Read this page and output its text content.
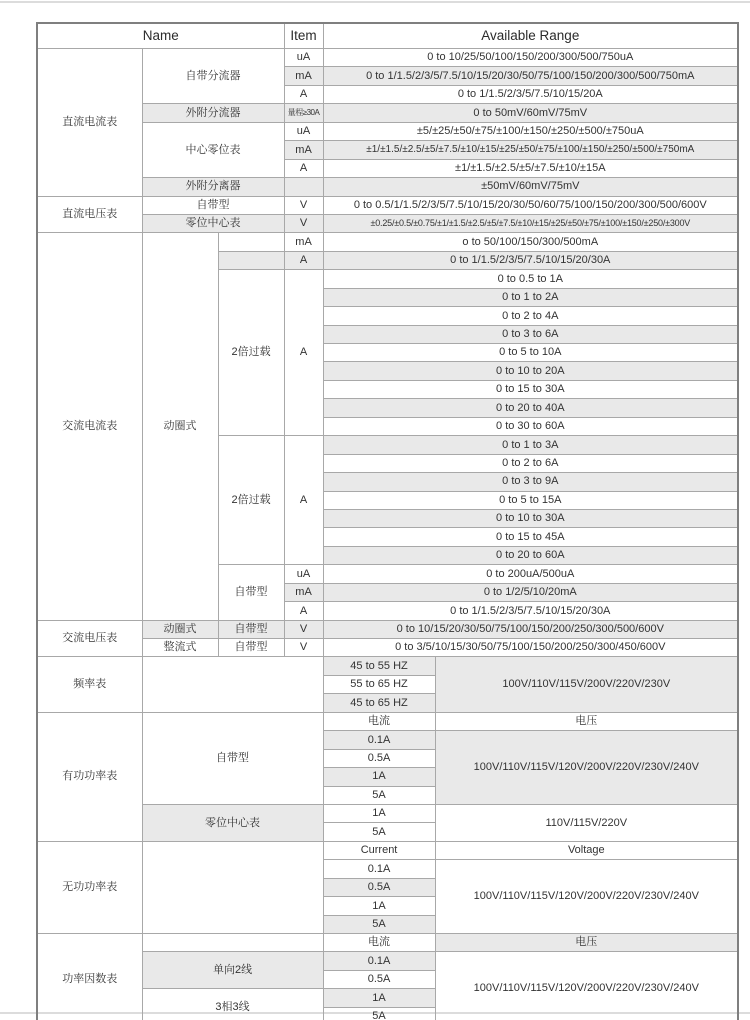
Name			Item	Available Range	
直流电流表	自带分流器		uA	0 to 10/25/50/100/150/200/300/500/750uA	
			mA	0 to 1/1.5/2/3/5/7.5/10/15/20/30/50/75/100/150/200/300/500/750mA	
			A	0 to 1/1.5/2/3/5/7.5/10/15/20A	
	外附分流器		量程≥30A	0 to 50mV/60mV/75mV	
	中心零位表		uA	±5/±25/±50/±75/±100/±150/±250/±500/±750uA	
			mA	±1/±1.5/±2.5/±5/±7.5/±10/±15/±25/±50/±75/±100/±150/±250/±500/±750mA	
			A	±1/±1.5/±2.5/±5/±7.5/±10/±15A	
	外附分离器			±50mV/60mV/75mV	
直流电压表	自带型		V	0 to 0.5/1/1.5/2/3/5/7.5/10/15/20/30/50/60/75/100/150/200/300/500/600V	
	零位中心表		V	±0.25/±0.5/±0.75/±1/±1.5/±2.5/±5/±7.5/±10/±15/±25/±50/±75/±100/±150/±250/±300V	
交流电流表	动圈式		mA	o to 50/100/150/300/500mA	
			A	0 to 1/1.5/2/3/5/7.5/10/15/20/30A	
		2倍过载	A	0 to 0.5 to 1A	
				0 to 1 to 2A	
				0 to 2 to 4A	
				0 to 3 to 6A	
				0 to 5 to 10A	
				0 to 10 to 20A	
				0 to 15 to 30A	
				0 to 20 to 40A	
				0 to 30 to 60A	
		2倍过载	A	0 to 1 to 3A	
				0 to 2 to 6A	
				0 to 3 to 9A	
				0 to 5 to 15A	
				0 to 10 to 30A	
				0 to 15 to 45A	
				0 to 20 to 60A	
		自带型	uA	0 to 200uA/500uA	
			mA	0 to 1/2/5/10/20mA	
			A	0 to 1/1.5/2/3/5/7.5/10/15/20/30A	
交流电压表	动圈式	自带型	V	0 to 10/15/20/30/50/75/100/150/200/250/300/500/600V	
	整流式	自带型	V	0 to 3/5/10/15/30/50/75/100/150/200/250/300/450/600V	
频率表				45 to 55 HZ	100V/110V/115V/200V/220V/230V
				55 to 65 HZ	
				45 to 65 HZ	
有功功率表	自带型			电流	电压
				0.1A	100V/110V/115V/120V/200V/220V/230V/240V
				0.5A	
				1A	
				5A	
	零位中心表			1A	110V/115V/220V
				5A	
无功功率表				Current	Voltage
				0.1A	100V/110V/115V/120V/200V/220V/230V/240V
				0.5A	
				1A	
				5A	
功率因数表				电流	电压
	单向2线			0.1A	100V/110V/115V/120V/200V/220V/230V/240V
				0.5A	
	3相3线			1A	
				5A	
